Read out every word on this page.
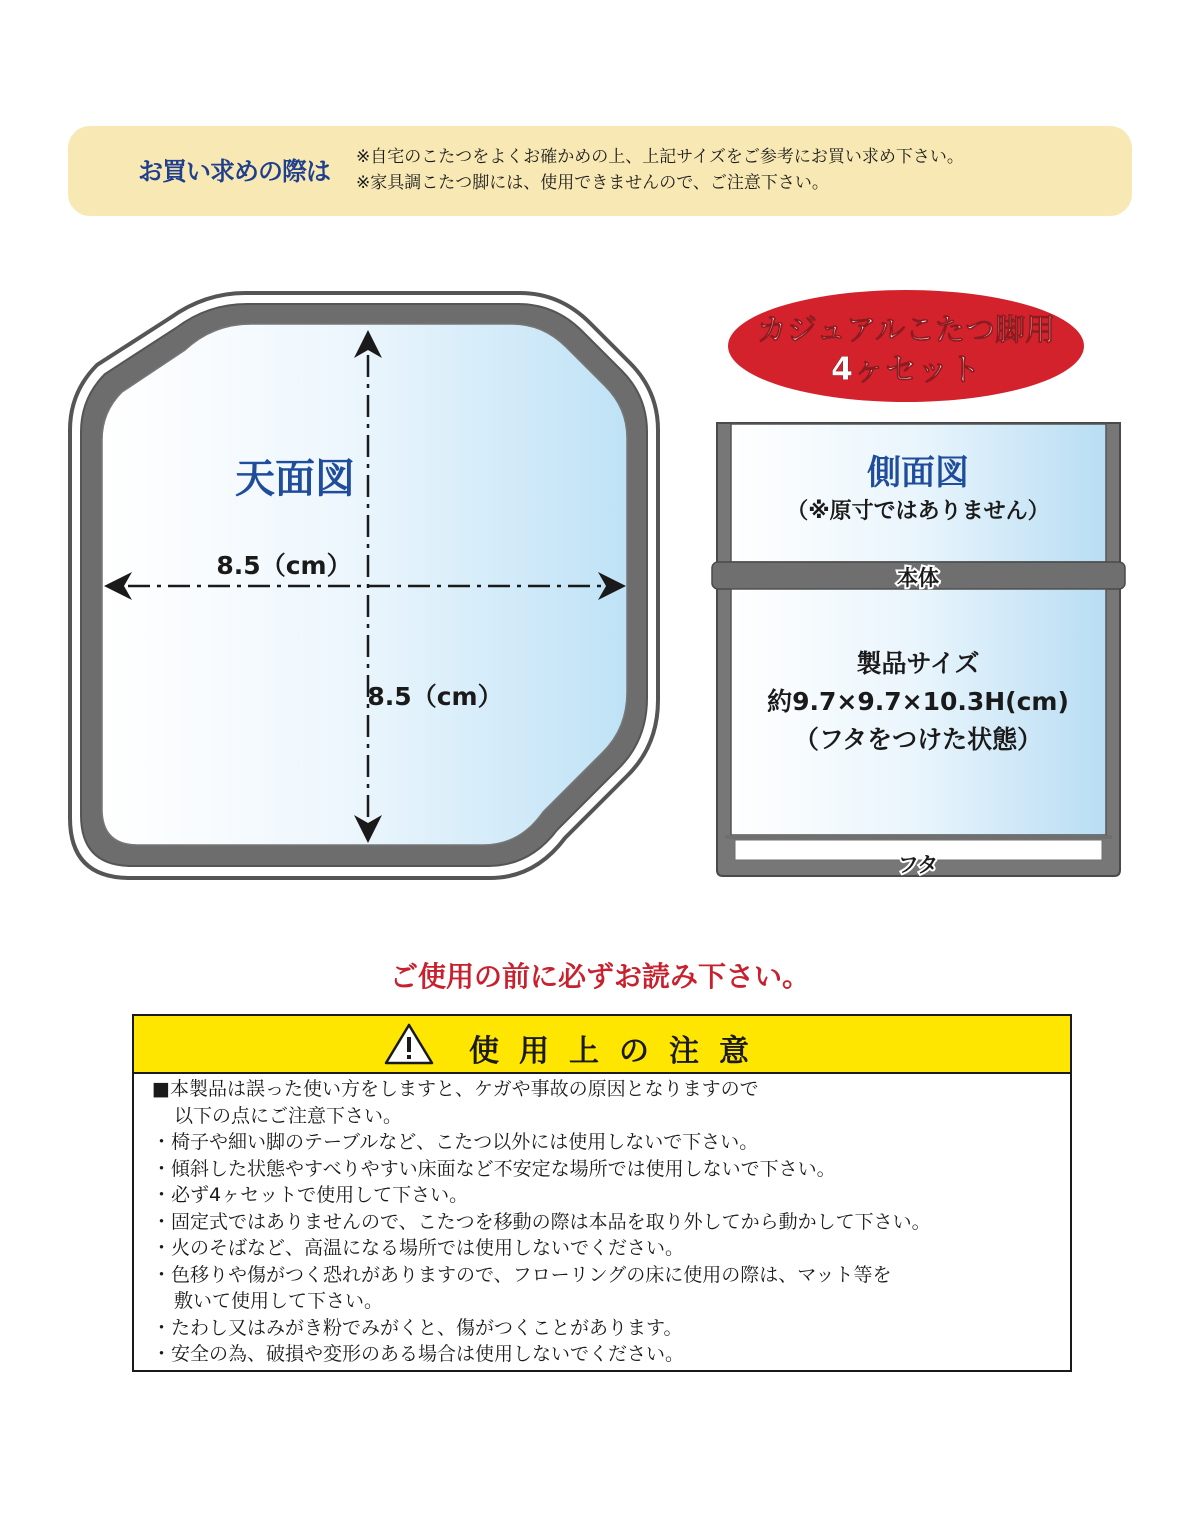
お買い求めの際は	※自宅のこたつをよくお確かめの上、上記サイズをご参考にお買い求め下さい。
※家具調こたつ脚には、使用できませんので、ご注意下さい。
天面図
8.5（cm）
8.5（cm）
カジュアルこたつ脚用
4ヶセット
側面図
（※原寸ではありません）
本体
製品サイズ
約9.7×9.7×10.3H(cm)
（フタをつけた状態）
フタ
ご使用の前に必ずお読み下さい。
使用上の注意
■本製品は誤った使い方をしますと、ケガや事故の原因となりますので
以下の点にご注意下さい。
・椅子や細い脚のテーブルなど、こたつ以外には使用しないで下さい。
・傾斜した状態やすべりやすい床面など不安定な場所では使用しないで下さい。
・必ず4ヶセットで使用して下さい。
・固定式ではありませんので、こたつを移動の際は本品を取り外してから動かして下さい。
・火のそばなど、高温になる場所では使用しないでください。
・色移りや傷がつく恐れがありますので、フローリングの床に使用の際は、マット等を
敷いて使用して下さい。
・たわし又はみがき粉でみがくと、傷がつくことがあります。
・安全の為、破損や変形のある場合は使用しないでください。
